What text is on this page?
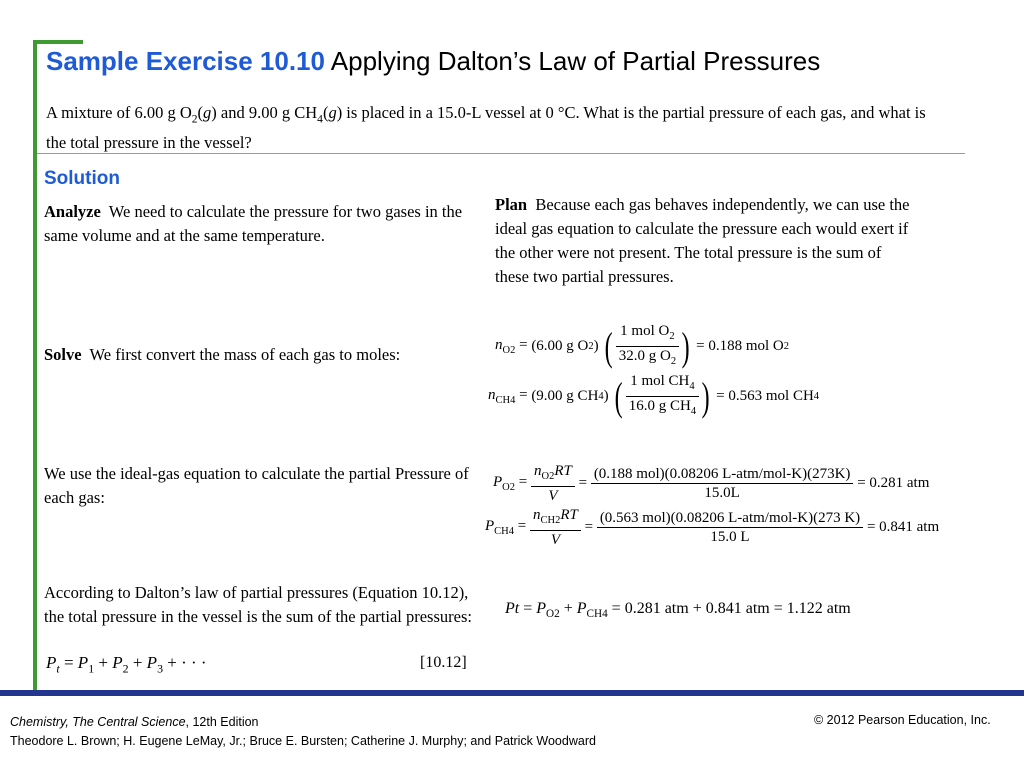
Sample Exercise 10.10 Applying Dalton’s Law of Partial Pressures
A mixture of 6.00 g $O_2(g)$ and 9.00 g $CH_4(g)$ is placed in a 15.0-L vessel at 0 °C. What is the partial pressure of each gas, and what is the total pressure in the vessel?
Solution
Analyze We need to calculate the pressure for two gases in the same volume and at the same temperature.
Plan Because each gas behaves independently, we can use the ideal gas equation to calculate the pressure each would exert if the other were not present. The total pressure is the sum of these two partial pressures.
Solve We first convert the mass of each gas to moles:
We use the ideal-gas equation to calculate the partial Pressure of each gas:
According to Dalton’s law of partial pressures (Equation 10.12), the total pressure in the vessel is the sum of the partial pressures:
$n_{O2} = (6.00$ g O2) ( $\frac{1 mol O_2}{32.0 g O_2}$ ) = 0.188 mol O2
$n_{CH4} = (9.00$ g CH4) ( $\frac{1 mol CH_4}{16.0 g CH_4}$ ) = 0.563 mol CH4
$P_{O2} = \frac{n_{O2}RT}{V} = \frac{\text{(0.188 mol)(0.08206 L-atm/mol-K)(273K)}}{15.0L} = 0.281$ atm
$P_{CH4} = \frac{n_{CH2}RT}{V} = \frac{\text{(0.563 mol)(0.08206 L-atm/mol-K)(273 K)}}{15.0 L} = 0.841$ atm
$Pt = P_{O2} + P_{CH4} = 0.281$ atm + 0.841 atm = 1.122 atm
$P_t = P_1 + P_2 + P_3$ + · · ·	[10.12]
Chemistry, The Central Science, 12th Edition
Theodore L. Brown; H. Eugene LeMay, Jr.; Bruce E. Bursten; Catherine J. Murphy; and Patrick Woodward
© 2012 Pearson Education, Inc.
